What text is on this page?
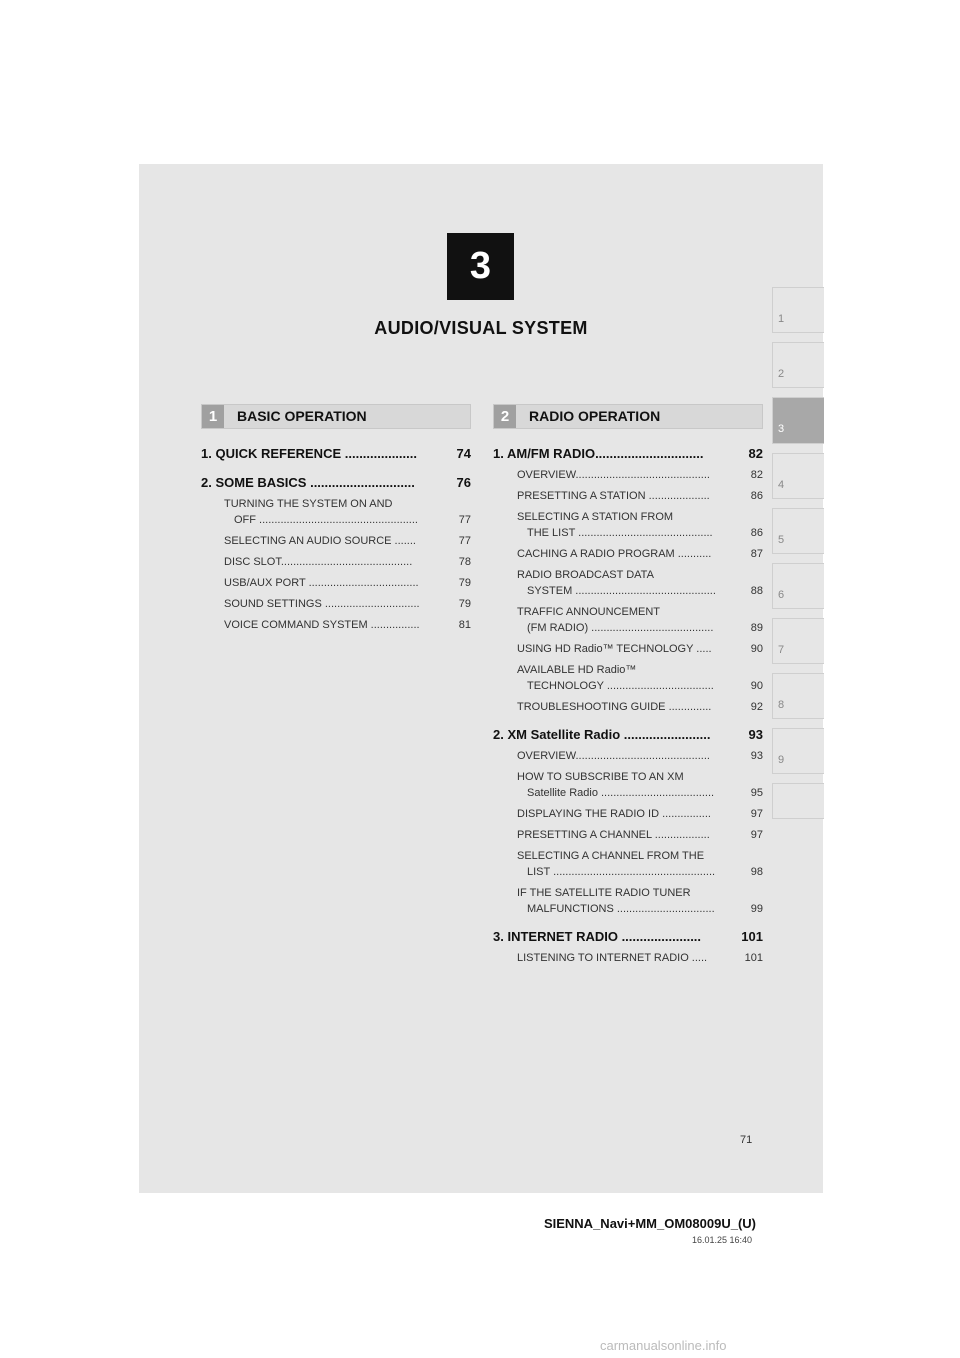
3
AUDIO/VISUAL SYSTEM	1
2
3
4
5
6
7
8
9
1	BASIC OPERATION	2	RADIO OPERATION
1. QUICK REFERENCE ....................	74
2. SOME BASICS .............................	76
TURNING THE SYSTEM ON AND
OFF ....................................................	77
SELECTING AN AUDIO SOURCE .......	77
DISC SLOT...........................................	78
USB/AUX PORT ....................................	79
SOUND SETTINGS ...............................	79
VOICE COMMAND SYSTEM ................	81
1. AM/FM RADIO..............................	82
OVERVIEW............................................	82
PRESETTING A STATION ....................	86
SELECTING A STATION FROM
THE LIST ............................................	86
CACHING A RADIO PROGRAM ...........	87
RADIO BROADCAST DATA
SYSTEM ..............................................	88
TRAFFIC ANNOUNCEMENT
(FM RADIO) ........................................	89
USING HD Radio™ TECHNOLOGY .....	90
AVAILABLE HD Radio™
TECHNOLOGY ...................................	90
TROUBLESHOOTING GUIDE ..............	92
2. XM Satellite Radio ........................	93
OVERVIEW............................................	93
HOW TO SUBSCRIBE TO AN XM
Satellite Radio .....................................	95
DISPLAYING THE RADIO ID ................	97
PRESETTING A CHANNEL ..................	97
SELECTING A CHANNEL FROM THE
LIST .....................................................	98
IF THE SATELLITE RADIO TUNER
MALFUNCTIONS ................................	99
3. INTERNET RADIO ......................	101
LISTENING TO INTERNET RADIO .....	101
71
SIENNA_Navi+MM_OM08009U_(U)
16.01.25 16:40
carmanualsonline.info
